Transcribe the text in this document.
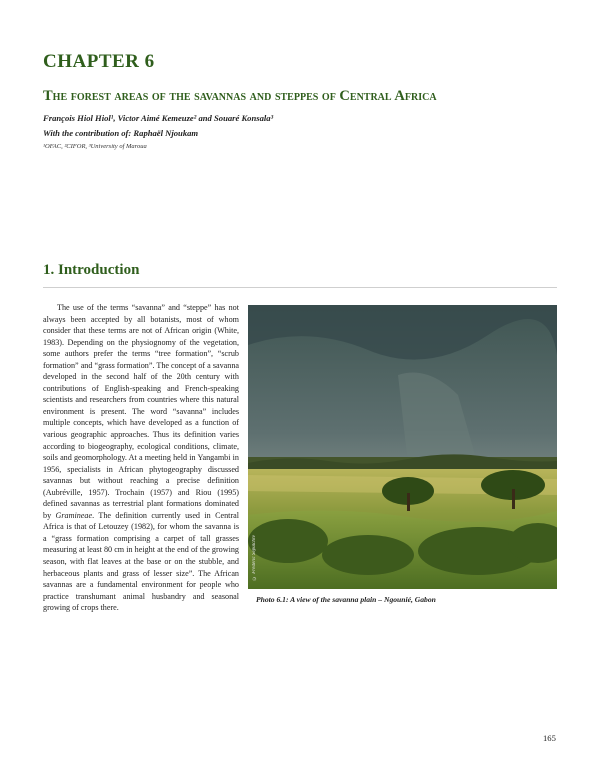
CHAPTER 6
The forest areas of the savannas and steppes of Central Africa
François Hiol Hiol¹, Victor Aimé Kemeuze² and Souaré Konsala³
With the contribution of: Raphaël Njoukam
¹OFAC, ²CIFOR, ³University of Maroua
1. Introduction

The use of the terms “savanna” and “steppe” has not always been accepted by all botanists, most of whom consider that these terms are not of African origin (White, 1983). Depending on the physiognomy of the vegetation, some authors prefer the terms “tree formation”, “scrub formation” and “grass formation”. The concept of a savanna developed in the second half of the 20th century with contributions of English-speaking and French-speaking scientists and researchers from countries where this natural environment is present. The word “savanna” includes multiple concepts, which have developed as a function of various geographic approaches. Thus its definition varies according to biogeography, ecological conditions, climate, soils and geomorphology. At a meeting held in Yangambi in 1956, specialists in African phytogeography discussed savannas but without reaching a precise definition (Aubréville, 1957). Trochain (1957) and Riou (1995) defined savannas as terrestrial plant formations dominated by Gramineae. The definition currently used in Central Africa is that of Letouzey (1982), for whom the savanna is a “grass formation comprising a carpet of tall grasses measuring at least 80 cm in height at the end of the growing season, with flat leaves at the base or on the stubble, and herbaceous plants and grass of lesser size”. The African savannas are a fundamental environment for people who practice transhumant animal husbandry and seasonal growing of crops there.

© Frédéric Sepulchre
Photo 6.1: A view of the savanna plain – Ngounié, Gabon
165
